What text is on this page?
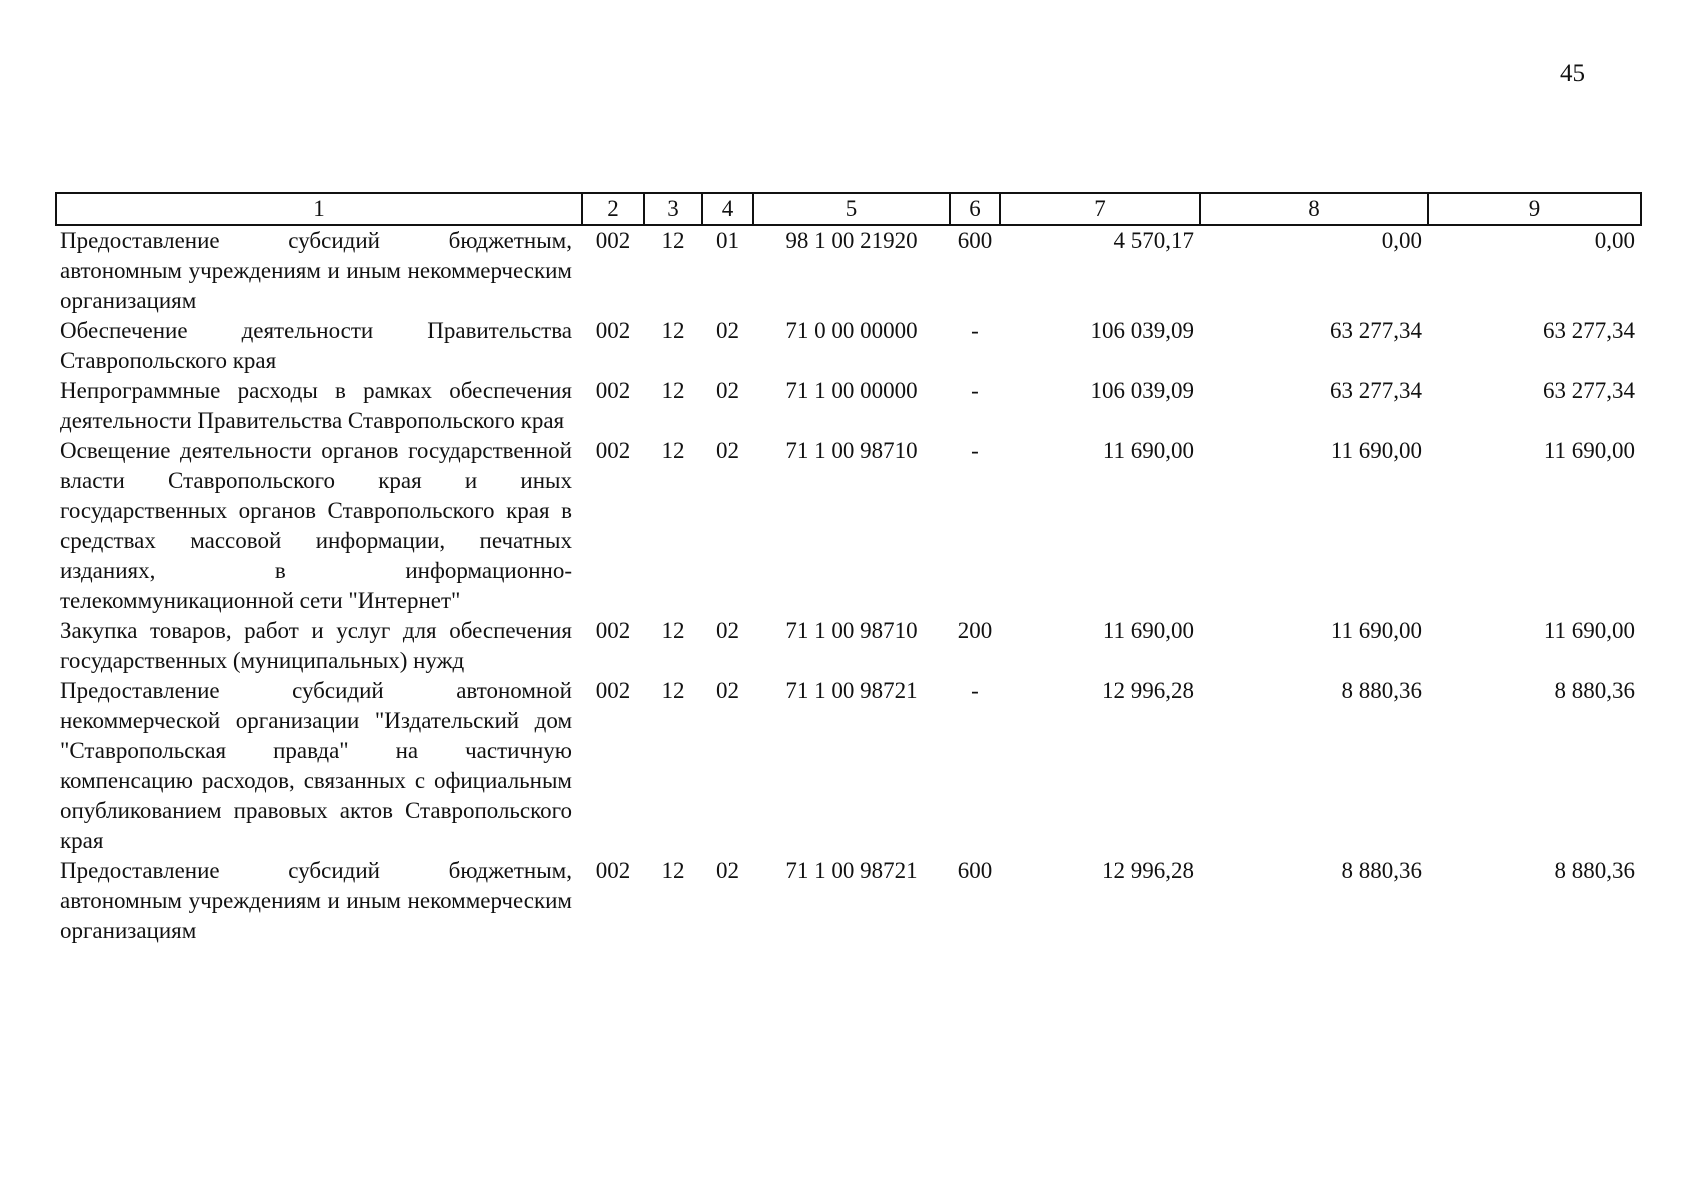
45
1	2	3	4	5	6	7	8	9
Предоставление субсидий бюджетным, автономным учреждениям и иным некоммерческим организациям	002	12	01	98 1 00 21920	600	4 570,17	0,00	0,00
Обеспечение деятельности Правительства Ставропольского края	002	12	02	71 0 00 00000	-	106 039,09	63 277,34	63 277,34
Непрограммные расходы в рамках обеспечения деятельности Правительства Ставропольского края	002	12	02	71 1 00 00000	-	106 039,09	63 277,34	63 277,34
Освещение деятельности органов государственной власти Ставропольского края и иных государственных органов Ставропольского края в средствах массовой информации, печатных изданиях, в информационно-телекоммуникационной сети "Интернет"	002	12	02	71 1 00 98710	-	11 690,00	11 690,00	11 690,00
Закупка товаров, работ и услуг для обеспечения государственных (муниципальных) нужд	002	12	02	71 1 00 98710	200	11 690,00	11 690,00	11 690,00
Предоставление субсидий автономной некоммерческой организации "Издательский дом "Ставропольская правда" на частичную компенсацию расходов, связанных с официальным опубликованием правовых актов Ставропольского края	002	12	02	71 1 00 98721	-	12 996,28	8 880,36	8 880,36
Предоставление субсидий бюджетным, автономным учреждениям и иным некоммерческим организациям	002	12	02	71 1 00 98721	600	12 996,28	8 880,36	8 880,36
